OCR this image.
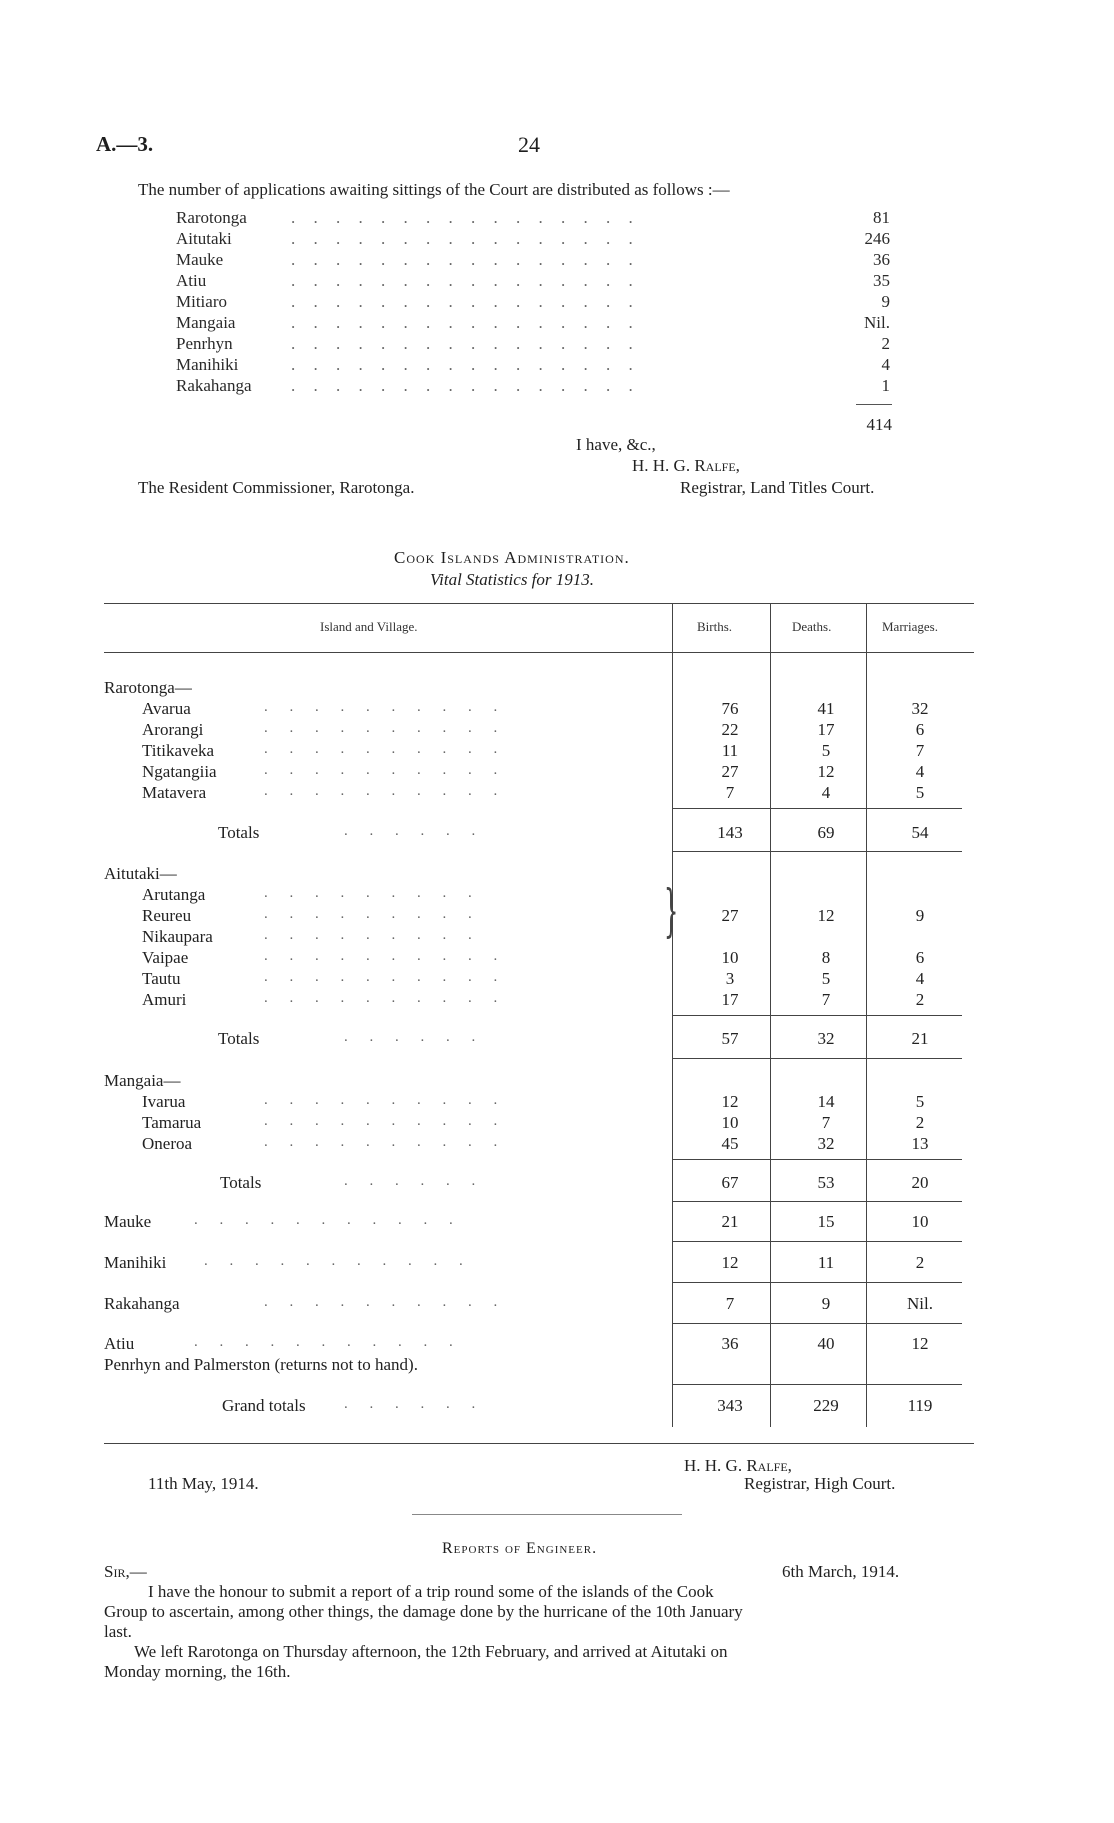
A.—3.	24
The number of applications awaiting sittings of the Court are distributed as follows :—
Rarotonga	. . . . . . . . . . . . . . . .	81
Aitutaki	. . . . . . . . . . . . . . . .	246
Mauke	. . . . . . . . . . . . . . . .	36
Atiu	. . . . . . . . . . . . . . . .	35
Mitiaro	. . . . . . . . . . . . . . . .	9
Mangaia	. . . . . . . . . . . . . . . .	Nil.
Penrhyn	. . . . . . . . . . . . . . . .	2
Manihiki	. . . . . . . . . . . . . . . .	4
Rakahanga . . . . . . . . . . . . . . . .	1
414
I have, &c.,
H. H. G. Ralfe,
The Resident Commissioner, Rarotonga.	Registrar, Land Titles Court.
Cook Islands Administration.
Vital Statistics for 1913.
Island and Village.	Births.	Deaths.	Marriages.
Rarotonga—
Avarua	. . . . . . . . . .	76	41	32
Arorangi	. . . . . . . . . .	22	17	6
Titikaveka	. . . . . . . . . .	11	5	7
Ngatangiia	. . . . . . . . . .	27	12	4
Matavera	. . . . . . . . . .	7	4	5
Totals	. . . . . .	143	69	54
Aitutaki—
Arutanga	. . . . . . . . .
Reureu	. . . . . . . . .	27	12	9
Nikaupara	. . . . . . . . .	}
Vaipae	. . . . . . . . . .	10	8	6
Tautu	. . . . . . . . . .	3	5	4
Amuri	. . . . . . . . . .	17	7	2
Totals	. . . . . .	57	32	21
Mangaia—
Ivarua	. . . . . . . . . .	12	14	5
Tamarua	. . . . . . . . . .	10	7	2
Oneroa	. . . . . . . . . .	45	32	13
Totals	. . . . . .	67	53	20
Mauke	. . . . . . . . . . .	21	15	10
Manihiki	. . . . . . . . . . .	12	11	2
Rakahanga	. . . . . . . . . .	7	9	Nil.
Atiu	. . . . . . . . . . .	36	40	12
Penrhyn and Palmerston (returns not to hand).
Grand totals	. . . . . .	343	229	119
11th May, 1914.
H. H. G. Ralfe,
Registrar, High Court.
Reports of Engineer.
Sir,—	6th March, 1914.
I have the honour to submit a report of a trip round some of the islands of the Cook
Group to ascertain, among other things, the damage done by the hurricane of the 10th January
last.
We left Rarotonga on Thursday afternoon, the 12th February, and arrived at Aitutaki on
Monday morning, the 16th.
